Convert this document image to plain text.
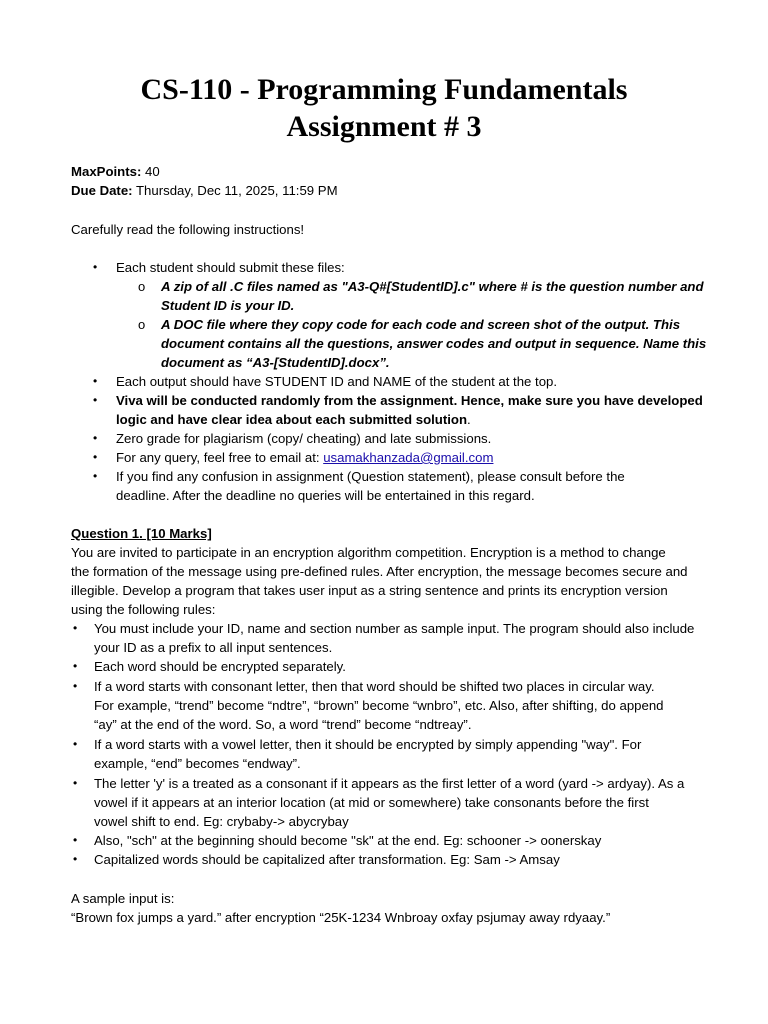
CS-110 - Programming Fundamentals
Assignment # 3
MaxPoints: 40
Due Date: Thursday, Dec 11, 2025, 11:59 PM
Carefully read the following instructions!
• Each student should submit these files:
o A zip of all .C files named as "A3-Q#[StudentID].c" where # is the question number and
Student ID is your ID.
o A DOC file where they copy code for each code and screen shot of the output. This
document contains all the questions, answer codes and output in sequence. Name this
document as “A3-[StudentID].docx”.
• Each output should have STUDENT ID and NAME of the student at the top.
• Viva will be conducted randomly from the assignment. Hence, make sure you have developed
logic and have clear idea about each submitted solution.
• Zero grade for plagiarism (copy/ cheating) and late submissions.
• For any query, feel free to email at: usamakhanzada@gmail.com
• If you find any confusion in assignment (Question statement), please consult before the
deadline. After the deadline no queries will be entertained in this regard.
Question 1. [10 Marks]
You are invited to participate in an encryption algorithm competition. Encryption is a method to change
the formation of the message using pre-defined rules. After encryption, the message becomes secure and
illegible. Develop a program that takes user input as a string sentence and prints its encryption version
using the following rules:
• You must include your ID, name and section number as sample input. The program should also include
your ID as a prefix to all input sentences.
• Each word should be encrypted separately.
• If a word starts with consonant letter, then that word should be shifted two places in circular way.
For example, “trend” become “ndtre”, “brown” become “wnbro”, etc. Also, after shifting, do append
“ay” at the end of the word. So, a word “trend” become “ndtreay”.
• If a word starts with a vowel letter, then it should be encrypted by simply appending "way". For
example, “end” becomes “endway”.
• The letter 'y' is a treated as a consonant if it appears as the first letter of a word (yard -> ardyay). As a
vowel if it appears at an interior location (at mid or somewhere) take consonants before the first
vowel shift to end. Eg: crybaby-> abycrybay
• Also, "sch" at the beginning should become "sk" at the end. Eg: schooner -> oonerskay
• Capitalized words should be capitalized after transformation. Eg: Sam -> Amsay
A sample input is:
“Brown fox jumps a yard.” after encryption “25K-1234 Wnbroay oxfay psjumay away rdyaay.”
